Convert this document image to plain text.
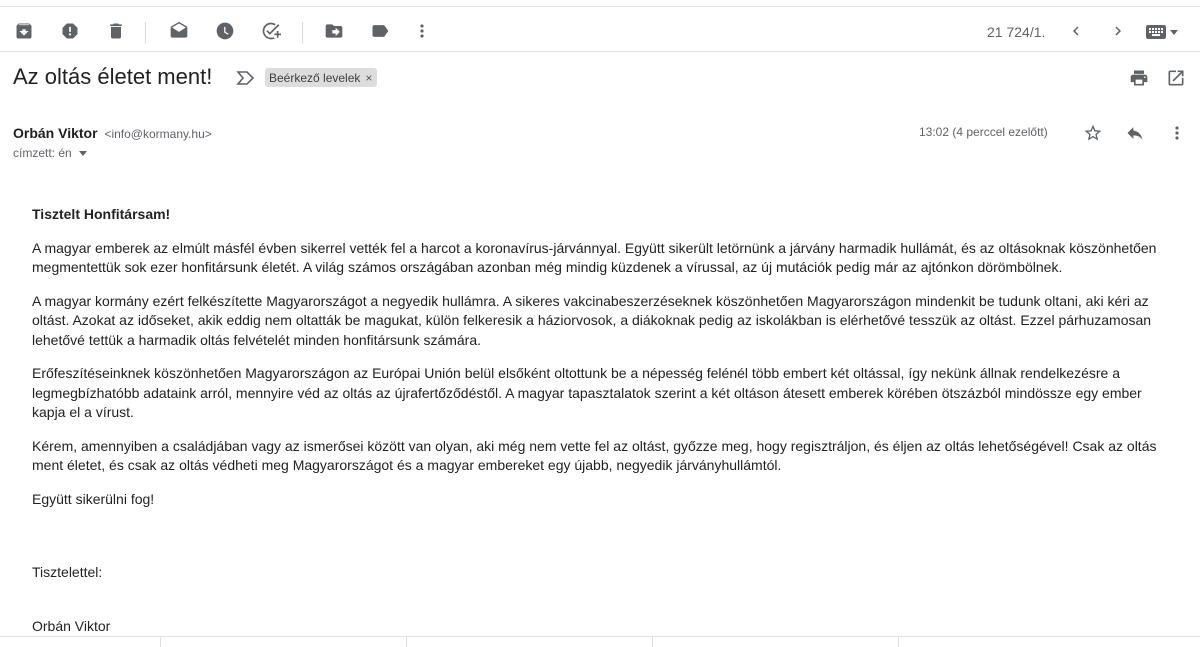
21 724/1.
Az oltás életet ment!	Beérkező levelek ×
Orbán Viktor <info@kormany.hu>
címzett: én
13:02 (4 perccel ezelőtt)

Tisztelt Honfitársam!

A magyar emberek az elmúlt másfél évben sikerrel vették fel a harcot a koronavírus-járvánnyal. Együtt sikerült letörnünk a járvány harmadik hullámát, és az oltásoknak köszönhetően megmentettük sok ezer honfitársunk életét. A világ számos országában azonban még mindig küzdenek a vírussal, az új mutációk pedig már az ajtónkon dörömbölnek.

A magyar kormány ezért felkészítette Magyarországot a negyedik hullámra. A sikeres vakcinabeszerzéseknek köszönhetően Magyarországon mindenkit be tudunk oltani, aki kéri az oltást. Azokat az időseket, akik eddig nem oltatták be magukat, külön felkeresik a háziorvosok, a diákoknak pedig az iskolákban is elérhetővé tesszük az oltást. Ezzel párhuzamosan lehetővé tettük a harmadik oltás felvételét minden honfitársunk számára.

Erőfeszítéseinknek köszönhetően Magyarországon az Európai Unión belül elsőként oltottunk be a népesség felénél több embert két oltással, így nekünk állnak rendelkezésre a legmegbízhatóbb adataink arról, mennyire véd az oltás az újrafertőződéstől. A magyar tapasztalatok szerint a két oltáson átesett emberek körében ötszázból mindössze egy ember kapja el a vírust.

Kérem, amennyiben a családjában vagy az ismerősei között van olyan, aki még nem vette fel az oltást, győzze meg, hogy regisztráljon, és éljen az oltás lehetőségével! Csak az oltás ment életet, és csak az oltás védheti meg Magyarországot és a magyar embereket egy újabb, negyedik járványhullámtól.

Együtt sikerülni fog!

Tisztelettel:

Orbán Viktor
